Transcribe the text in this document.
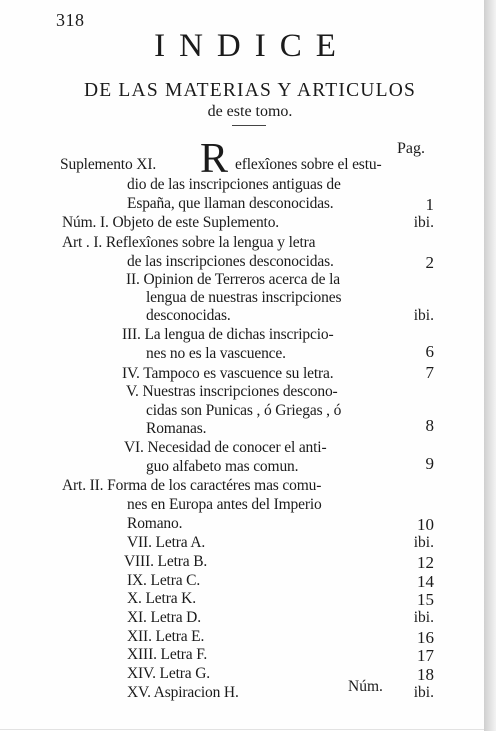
318
INDICE
DE LAS MATERIAS Y ARTICULOS
de este tomo.
Pag.
R
Suplemento XI.	eflexîones sobre el estu-
dio de las inscripciones antiguas de
España, que llaman desconocidas.
Núm. I. Objeto de este Suplemento.
Art . I. Reflexîones sobre la lengua y letra
de las inscripciones desconocidas.
II. Opinion de Terreros acerca de la
lengua de nuestras inscripciones
desconocidas.
III. La lengua de dichas inscripcio-
nes no es la vascuence.
IV. Tampoco es vascuence su letra.
V. Nuestras inscripciones descono-
cidas son Punicas , ó Griegas , ó
Romanas.
VI. Necesidad de conocer el anti-
guo alfabeto mas comun.
Art. II. Forma de los caractéres mas comu-
nes en Europa antes del Imperio
Romano.
VII. Letra A.
VIII. Letra B.
IX. Letra C.
X. Letra K.
XI. Letra D.
XII. Letra E.
XIII. Letra F.
XIV. Letra G.
XV. Aspiracion H.
1
ibi.
2
ibi.
6
7
8
9
10
ibi.
12
14
15
ibi.
16
17
18
ibi.
Núm.
